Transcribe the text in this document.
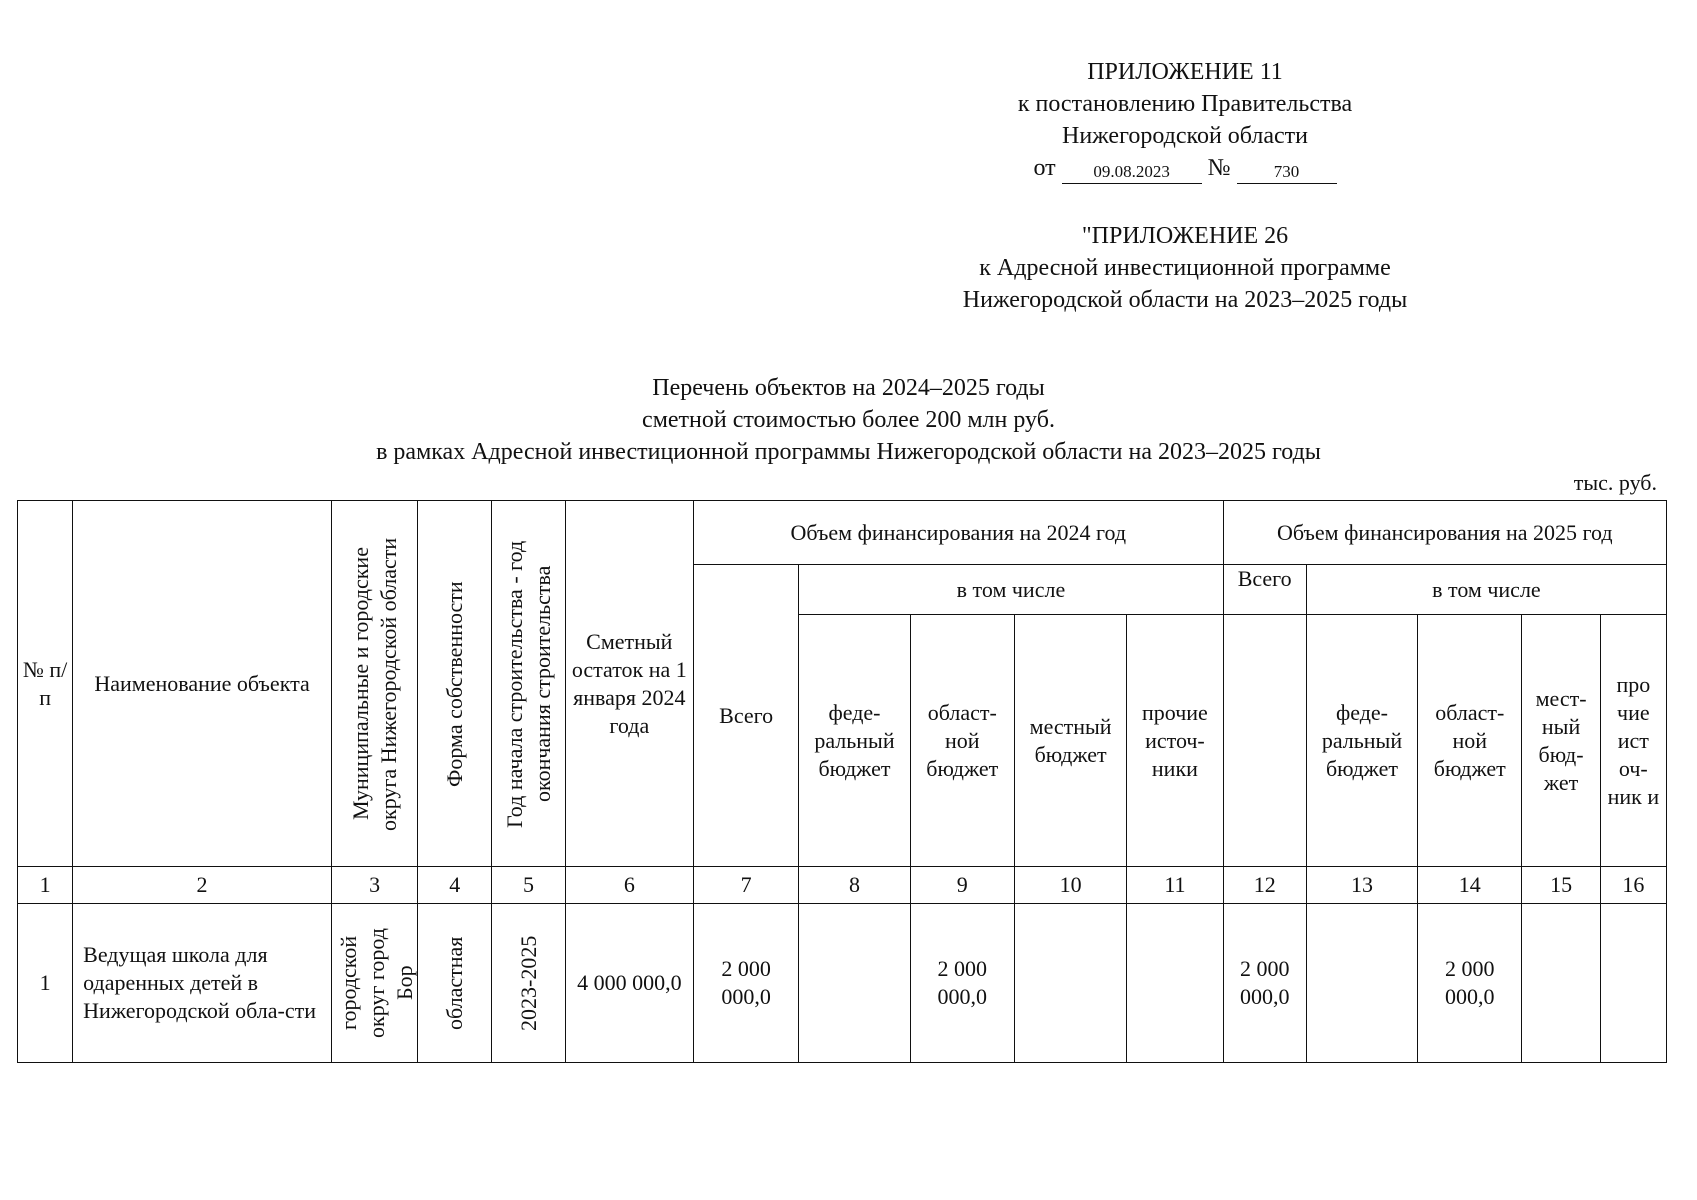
ПРИЛОЖЕНИЕ 11
к постановлению Правительства
Нижегородской области
от	09.08.2023	№	730
"ПРИЛОЖЕНИЕ 26
к Адресной инвестиционной программе
Нижегородской области на 2023–2025 годы
Перечень объектов на 2024–2025 годы
сметной стоимостью более 200 млн руб.
в рамках Адресной инвестиционной программы Нижегородской области на 2023–2025 годы
тыс. руб.
№ п/п	Наименование объекта	Муниципальные и городские округа Нижегородской области	Форма собственности	Год начала строительства - год окончания строительства	Сметный остаток на 1 января 2024 года	Объем финансирования на 2024 год					Объем финансирования на 2025 год				
						Всего	в том числе				Всего	в том числе			
							феде-ральный бюджет	област-ной бюджет	местный бюджет	прочие источ-ники		феде-ральный бюджет	област-ной бюджет	мест-ный бюд-жет	про чие ист оч-ник и
1	2	3	4	5	6	7	8	9	10	11	12	13	14	15	16
1	Ведущая школа для одаренных детей в Нижегородской обла-сти	городской округ город Бор	областная	2023-2025	4 000 000,0	2 000 000,0		2 000 000,0			2 000 000,0		2 000 000,0		
